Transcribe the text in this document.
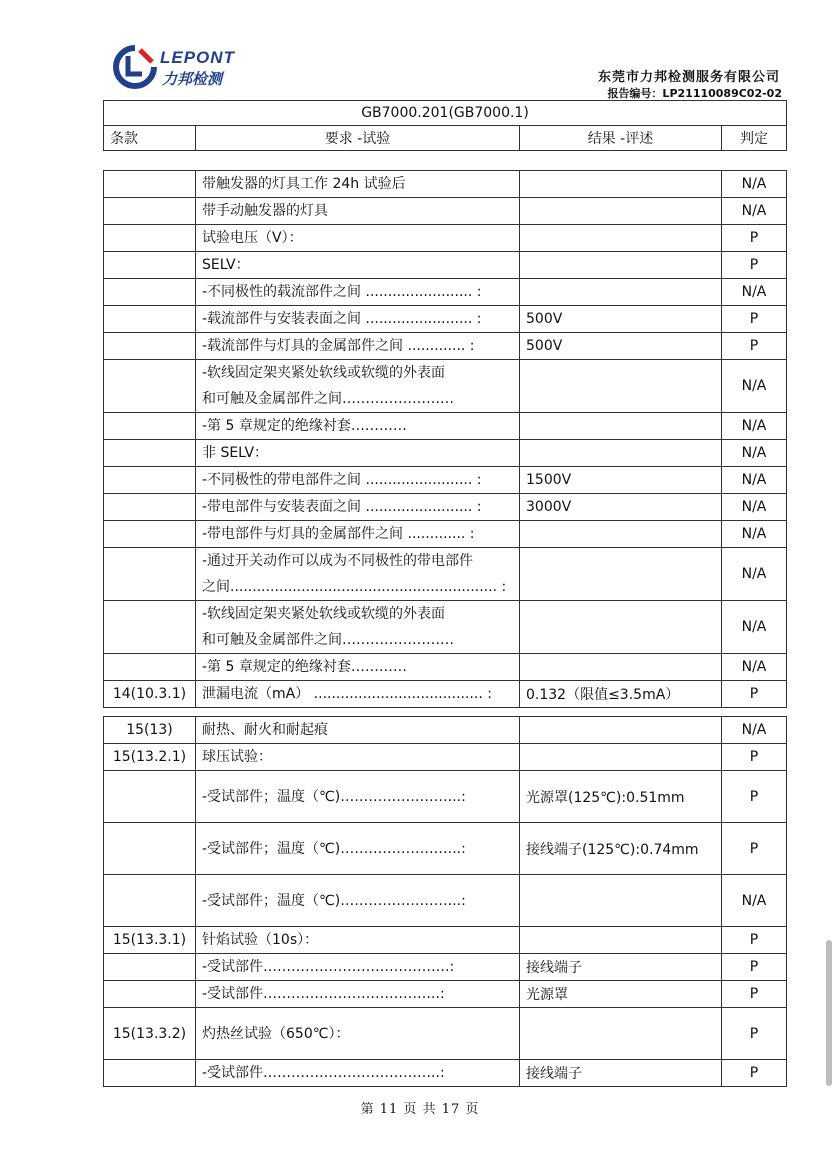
LEPONT
力邦检测	东莞市力邦检测服务有限公司
报告编号：LP21110089C02-02
GB7000.201(GB7000.1)
条款	要求 -试验	结果 -评述	判定
	带触发器的灯具工作 24h 试验后		N/A
	带手动触发器的灯具		N/A
	试验电压（V）：		P
	SELV：		P
	-不同极性的载流部件之间 ........................ :		N/A
	-载流部件与安装表面之间 ........................ :	500V	P
	-载流部件与灯具的金属部件之间 ............. :	500V	P
	-软线固定架夹紧处软线或软缆的外表面
和可触及金属部件之间……………………		N/A
	-第 5 章规定的绝缘衬套…………		N/A
	非 SELV：		N/A
	-不同极性的带电部件之间 ........................ :	1500V	N/A
	-带电部件与安装表面之间 ........................ :	3000V	N/A
	-带电部件与灯具的金属部件之间 ............. :		N/A
	-通过开关动作可以成为不同极性的带电部件
之间............................................................ :		N/A
	-软线固定架夹紧处软线或软缆的外表面
和可触及金属部件之间……………………		N/A
	-第 5 章规定的绝缘衬套…………		N/A
14(10.3.1)	泄漏电流（mA） ...................................... :	0.132（限值≤3.5mA）	P
15(13)	耐热、耐火和耐起痕		N/A
15(13.2.1)	球压试验：		P
	-受试部件；温度（℃)……………………..:	光源罩(125℃):0.51mm	P
	-受试部件；温度（℃)……………………..:	接线端子(125℃):0.74mm	P
	-受试部件；温度（℃)……………………..:		N/A
15(13.3.1)	针焰试验（10s）：		P
	-受试部件………………………………….:	接线端子	P
	-受试部件………………………………..:	光源罩	P
15(13.3.2)	灼热丝试验（650℃）：		P
	-受试部件………………………………..:	接线端子	P
第 11 页 共 17 页
